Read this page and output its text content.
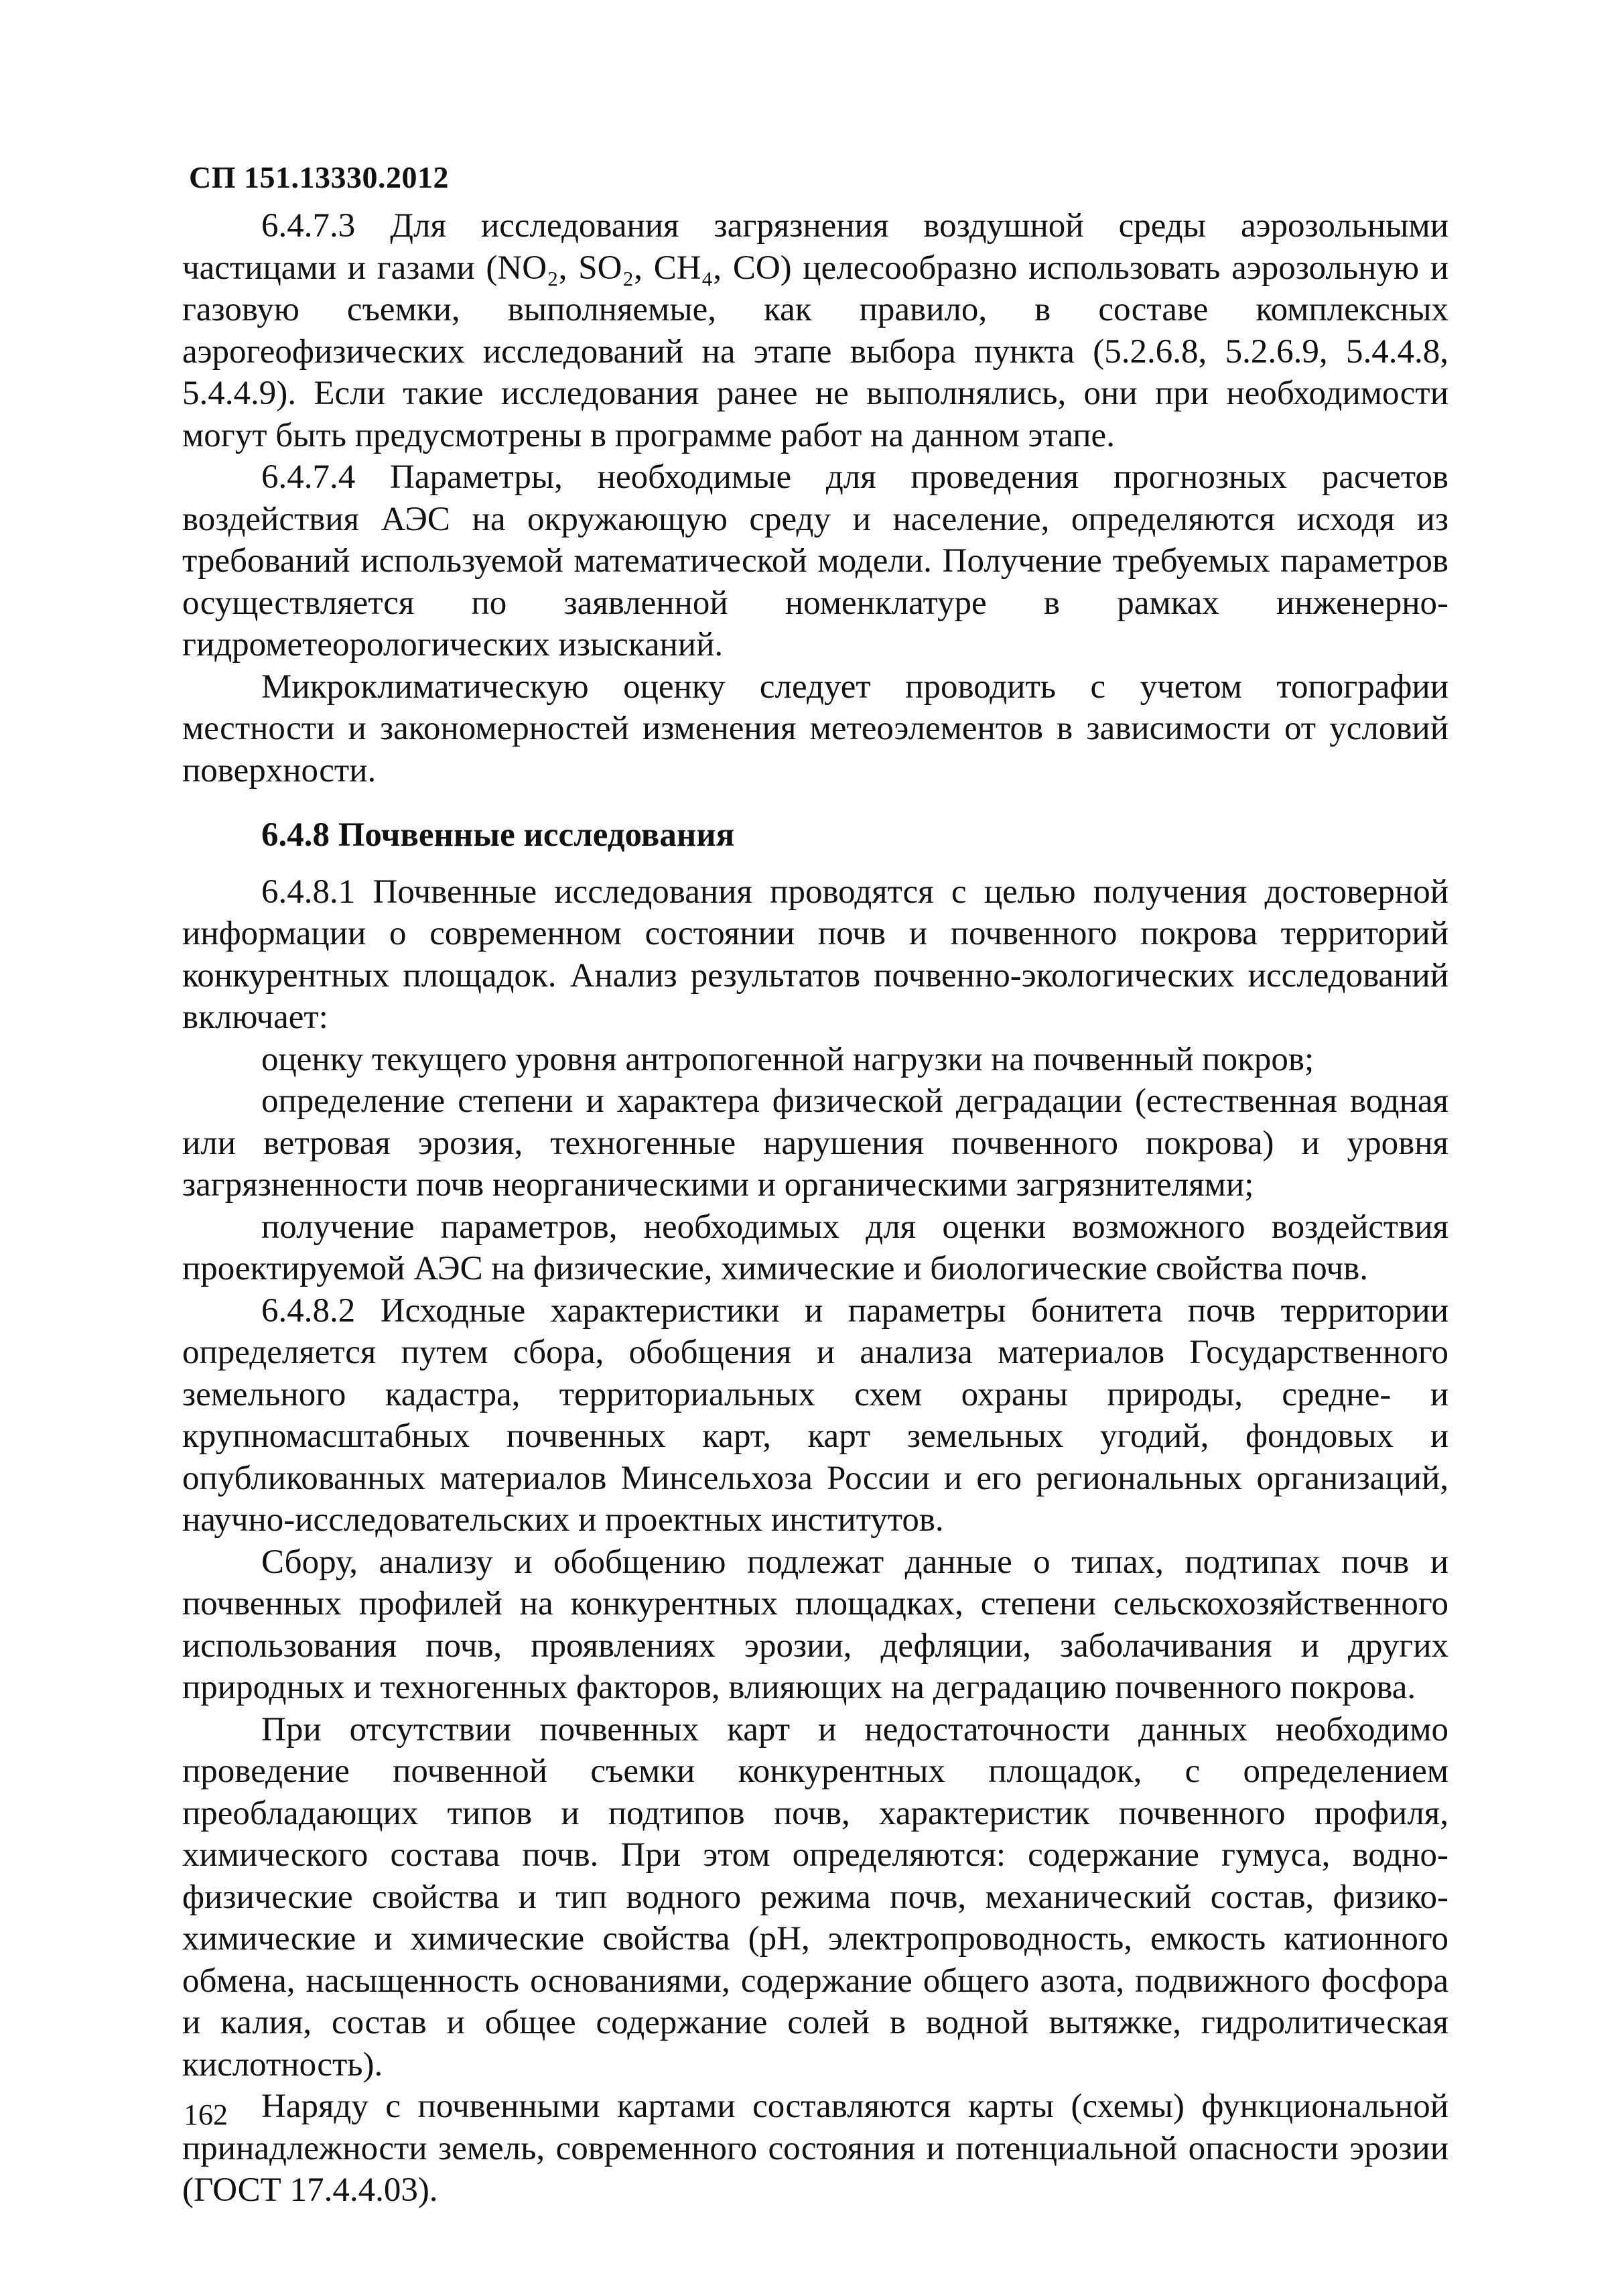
СП 151.13330.2012

6.4.7.3 Для исследования загрязнения воздушной среды аэрозольными частицами и газами (NO₂, SO₂, CH₄, CO) целесообразно использовать аэрозольную и газовую съемки, выполняемые, как правило, в составе комплексных аэрогеофизических исследований на этапе выбора пункта (5.2.6.8, 5.2.6.9, 5.4.4.8, 5.4.4.9). Если такие исследования ранее не выполнялись, они при необходимости могут быть предусмотрены в программе работ на данном этапе.

6.4.7.4 Параметры, необходимые для проведения прогнозных расчетов воздействия АЭС на окружающую среду и население, определяются исходя из требований используемой математической модели. Получение требуемых параметров осуществляется по заявленной номенклатуре в рамках инженерно-гидрометеорологических изысканий.

Микроклиматическую оценку следует проводить с учетом топографии местности и закономерностей изменения метеоэлементов в зависимости от условий поверхности.

6.4.8 Почвенные исследования

6.4.8.1 Почвенные исследования проводятся с целью получения достоверной информации о современном состоянии почв и почвенного покрова территорий конкурентных площадок. Анализ результатов почвенно-экологических исследований включает:

оценку текущего уровня антропогенной нагрузки на почвенный покров;

определение степени и характера физической деградации (естественная водная или ветровая эрозия, техногенные нарушения почвенного покрова) и уровня загрязненности почв неорганическими и органическими загрязнителями;

получение параметров, необходимых для оценки возможного воздействия проектируемой АЭС на физические, химические и биологические свойства почв.

6.4.8.2 Исходные характеристики и параметры бонитета почв территории определяется путем сбора, обобщения и анализа материалов Государственного земельного кадастра, территориальных схем охраны природы, средне- и крупномасштабных почвенных карт, карт земельных угодий, фондовых и опубликованных материалов Минсельхоза России и его региональных организаций, научно-исследовательских и проектных институтов.

Сбору, анализу и обобщению подлежат данные о типах, подтипах почв и почвенных профилей на конкурентных площадках, степени сельскохозяйственного использования почв, проявлениях эрозии, дефляции, заболачивания и других природных и техногенных факторов, влияющих на деградацию почвенного покрова.

При отсутствии почвенных карт и недостаточности данных необходимо проведение почвенной съемки конкурентных площадок, с определением преобладающих типов и подтипов почв, характеристик почвенного профиля, химического состава почв. При этом определяются: содержание гумуса, водно-физические свойства и тип водного режима почв, механический состав, физико-химические и химические свойства (pH, электропроводность, емкость катионного обмена, насыщенность основаниями, содержание общего азота, подвижного фосфора и калия, состав и общее содержание солей в водной вытяжке, гидролитическая кислотность).

Наряду с почвенными картами составляются карты (схемы) функциональной принадлежности земель, современного состояния и потенциальной опасности эрозии (ГОСТ 17.4.4.03).

162
